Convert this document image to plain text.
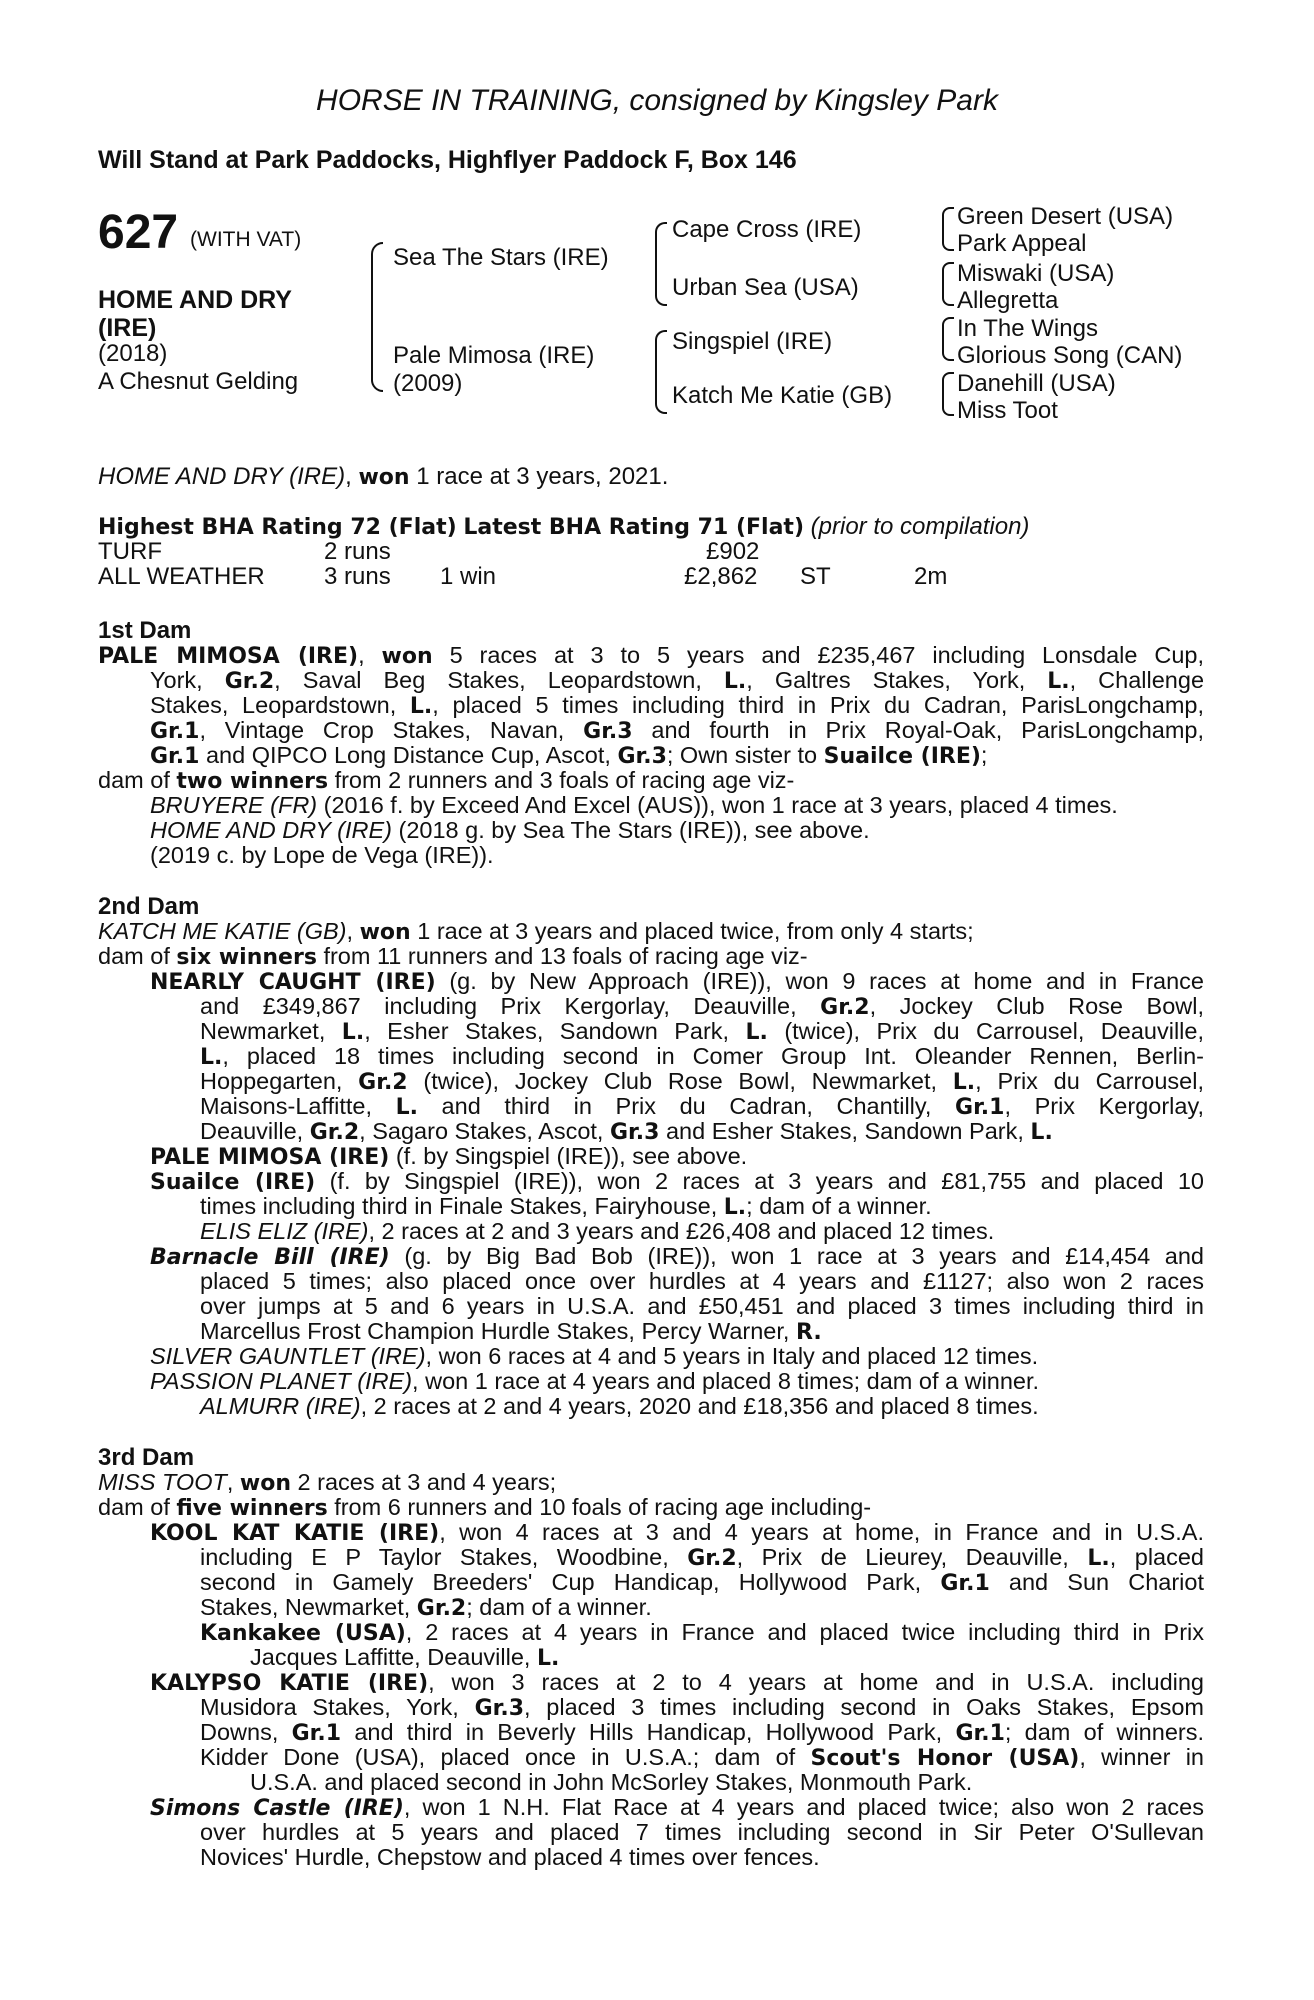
HORSE IN TRAINING, consigned by Kingsley Park
Will Stand at Park Paddocks, Highflyer Paddock F, Box 146
627 (WITH VAT)
HOME AND DRY
(IRE)
(2018)
A Chesnut Gelding
Sea The Stars (IRE)
Pale Mimosa (IRE)
(2009)
Cape Cross (IRE)
Urban Sea (USA)
Singspiel (IRE)
Katch Me Katie (GB)
Green Desert (USA)
Park Appeal
Miswaki (USA)
Allegretta
In The Wings
Glorious Song (CAN)
Danehill (USA)
Miss Toot
HOME AND DRY (IRE), won 1 race at 3 years, 2021.
Highest BHA Rating 72 (Flat) Latest BHA Rating 71 (Flat) (prior to compilation)
TURF	2 runs	£902
ALL WEATHER 3 runs 1 win	£2,862 ST	2m
1st Dam
PALE MIMOSA (IRE), won 5 races at 3 to 5 years and £235,467 including Lonsdale Cup,
York, Gr.2, Saval Beg Stakes, Leopardstown, L., Galtres Stakes, York, L., Challenge
Stakes, Leopardstown, L., placed 5 times including third in Prix du Cadran, ParisLongchamp,
Gr.1, Vintage Crop Stakes, Navan, Gr.3 and fourth in Prix Royal-Oak, ParisLongchamp,
Gr.1 and QIPCO Long Distance Cup, Ascot, Gr.3; Own sister to Suailce (IRE);
dam of two winners from 2 runners and 3 foals of racing age viz-
BRUYERE (FR) (2016 f. by Exceed And Excel (AUS)), won 1 race at 3 years, placed 4 times.
HOME AND DRY (IRE) (2018 g. by Sea The Stars (IRE)), see above.
(2019 c. by Lope de Vega (IRE)).
2nd Dam
KATCH ME KATIE (GB), won 1 race at 3 years and placed twice, from only 4 starts;
dam of six winners from 11 runners and 13 foals of racing age viz-
NEARLY CAUGHT (IRE) (g. by New Approach (IRE)), won 9 races at home and in France
and £349,867 including Prix Kergorlay, Deauville, Gr.2, Jockey Club Rose Bowl,
Newmarket, L., Esher Stakes, Sandown Park, L. (twice), Prix du Carrousel, Deauville,
L., placed 18 times including second in Comer Group Int. Oleander Rennen, Berlin-
Hoppegarten, Gr.2 (twice), Jockey Club Rose Bowl, Newmarket, L., Prix du Carrousel,
Maisons-Laffitte, L. and third in Prix du Cadran, Chantilly, Gr.1, Prix Kergorlay,
Deauville, Gr.2, Sagaro Stakes, Ascot, Gr.3 and Esher Stakes, Sandown Park, L.
PALE MIMOSA (IRE) (f. by Singspiel (IRE)), see above.
Suailce (IRE) (f. by Singspiel (IRE)), won 2 races at 3 years and £81,755 and placed 10
times including third in Finale Stakes, Fairyhouse, L.; dam of a winner.
ELIS ELIZ (IRE), 2 races at 2 and 3 years and £26,408 and placed 12 times.
Barnacle Bill (IRE) (g. by Big Bad Bob (IRE)), won 1 race at 3 years and £14,454 and
placed 5 times; also placed once over hurdles at 4 years and £1127; also won 2 races
over jumps at 5 and 6 years in U.S.A. and £50,451 and placed 3 times including third in
Marcellus Frost Champion Hurdle Stakes, Percy Warner, R.
SILVER GAUNTLET (IRE), won 6 races at 4 and 5 years in Italy and placed 12 times.
PASSION PLANET (IRE), won 1 race at 4 years and placed 8 times; dam of a winner.
ALMURR (IRE), 2 races at 2 and 4 years, 2020 and £18,356 and placed 8 times.
3rd Dam
MISS TOOT, won 2 races at 3 and 4 years;
dam of five winners from 6 runners and 10 foals of racing age including-
KOOL KAT KATIE (IRE), won 4 races at 3 and 4 years at home, in France and in U.S.A.
including E P Taylor Stakes, Woodbine, Gr.2, Prix de Lieurey, Deauville, L., placed
second in Gamely Breeders' Cup Handicap, Hollywood Park, Gr.1 and Sun Chariot
Stakes, Newmarket, Gr.2; dam of a winner.
Kankakee (USA), 2 races at 4 years in France and placed twice including third in Prix
Jacques Laffitte, Deauville, L.
KALYPSO KATIE (IRE), won 3 races at 2 to 4 years at home and in U.S.A. including
Musidora Stakes, York, Gr.3, placed 3 times including second in Oaks Stakes, Epsom
Downs, Gr.1 and third in Beverly Hills Handicap, Hollywood Park, Gr.1; dam of winners.
Kidder Done (USA), placed once in U.S.A.; dam of Scout's Honor (USA), winner in
U.S.A. and placed second in John McSorley Stakes, Monmouth Park.
Simons Castle (IRE), won 1 N.H. Flat Race at 4 years and placed twice; also won 2 races
over hurdles at 5 years and placed 7 times including second in Sir Peter O'Sullevan
Novices' Hurdle, Chepstow and placed 4 times over fences.
